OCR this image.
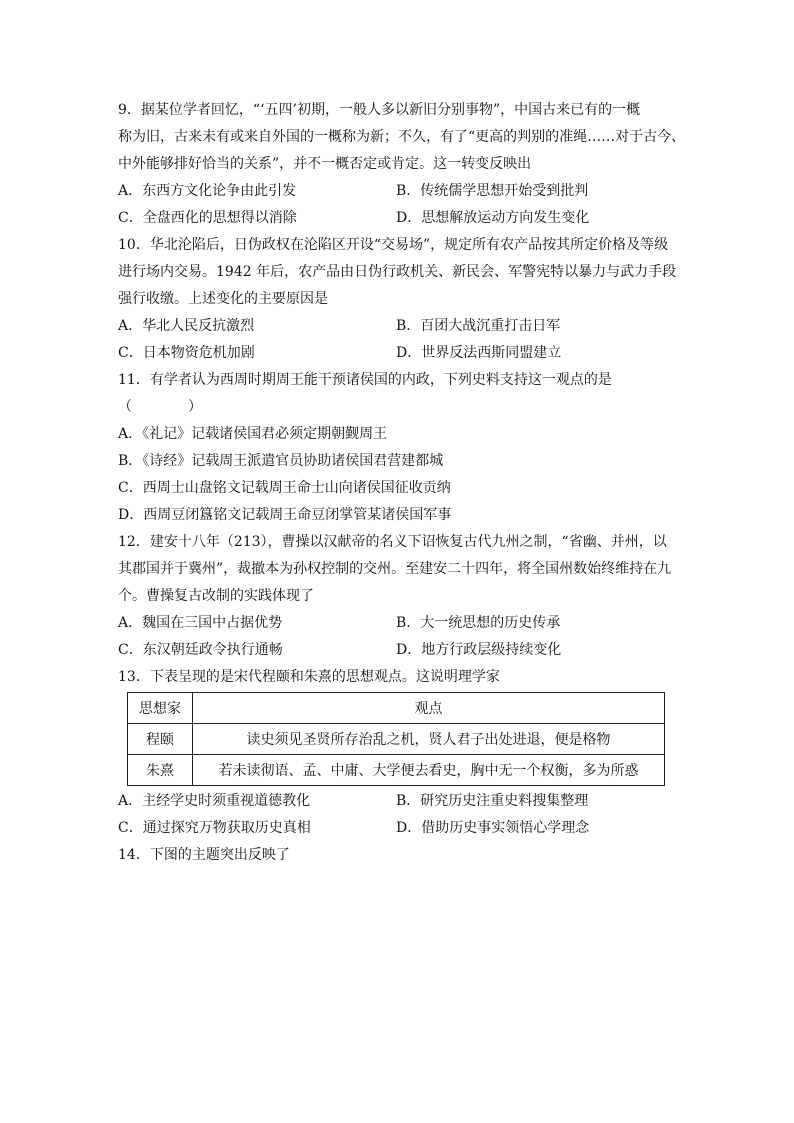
9．据某位学者回忆，“‘五四’初期，一般人多以新旧分别事物”，中国古来已有的一概
称为旧，古来未有或来自外国的一概称为新；不久，有了“更高的判别的准绳……对于古今、
中外能够排好恰当的关系”，并不一概否定或肯定。这一转变反映出
A．东西方文化论争由此引发	B．传统儒学思想开始受到批判
C．全盘西化的思想得以消除	D．思想解放运动方向发生变化
10．华北沦陷后，日伪政权在沦陷区开设“交易场”，规定所有农产品按其所定价格及等级
进行场内交易。1942 年后，农产品由日伪行政机关、新民会、军警宪特以暴力与武力手段
强行收缴。上述变化的主要原因是
A．华北人民反抗激烈	B．百团大战沉重打击日军
C．日本物资危机加剧	D．世界反法西斯同盟建立
11．有学者认为西周时期周王能干预诸侯国的内政，下列史料支持这一观点的是
（　　　　）
A．《礼记》记载诸侯国君必须定期朝觐周王
B．《诗经》记载周王派遣官员协助诸侯国君营建都城
C．西周士山盘铭文记载周王命士山向诸侯国征收贡纳
D．西周豆闭簋铭文记载周王命豆闭掌管某诸侯国军事
12．建安十八年（213），曹操以汉献帝的名义下诏恢复古代九州之制，“省幽、并州，以
其郡国并于冀州”，裁撤本为孙权控制的交州。至建安二十四年，将全国州数始终维持在九
个。曹操复古改制的实践体现了
A．魏国在三国中占据优势	B．大一统思想的历史传承
C．东汉朝廷政令执行通畅	D．地方行政层级持续变化
13．下表呈现的是宋代程颐和朱熹的思想观点。这说明理学家
思想家	观点
程颐	读史须见圣贤所存治乱之机，贤人君子出处进退，便是格物
朱熹	若未读彻语、孟、中庸、大学便去看史，胸中无一个权衡，多为所惑
A．主经学史时须重视道德教化	B．研究历史注重史料搜集整理
C．通过探究万物获取历史真相	D．借助历史事实领悟心学理念
14．下图的主题突出反映了
